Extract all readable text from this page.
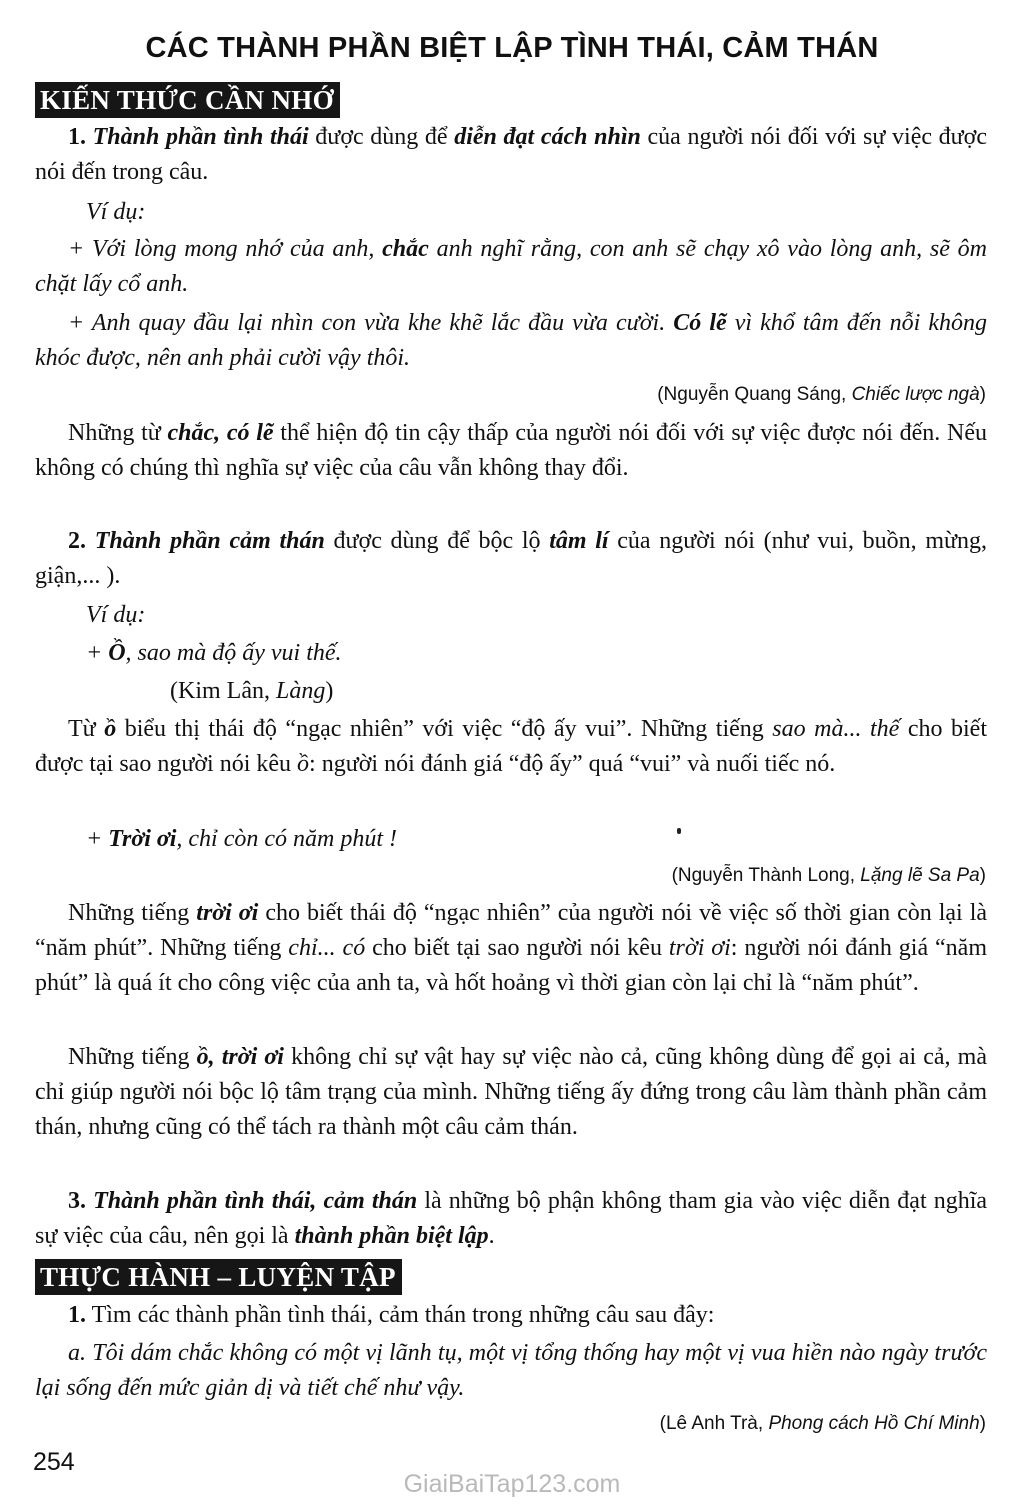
CÁC THÀNH PHẦN BIỆT LẬP TÌNH THÁI, CẢM THÁN
KIẾN THỨC CẦN NHỚ

1. Thành phần tình thái được dùng để diễn đạt cách nhìn của người nói đối với sự việc được nói đến trong câu.

Ví dụ:

+ Với lòng mong nhớ của anh, chắc anh nghĩ rằng, con anh sẽ chạy xô vào lòng anh, sẽ ôm chặt lấy cổ anh.

+ Anh quay đầu lại nhìn con vừa khe khẽ lắc đầu vừa cười. Có lẽ vì khổ tâm đến nỗi không khóc được, nên anh phải cười vậy thôi.

(Nguyễn Quang Sáng, Chiếc lược ngà)

Những từ chắc, có lẽ thể hiện độ tin cậy thấp của người nói đối với sự việc được nói đến. Nếu không có chúng thì nghĩa sự việc của câu vẫn không thay đổi.

2. Thành phần cảm thán được dùng để bộc lộ tâm lí của người nói (như vui, buồn, mừng, giận,... ).

Ví dụ:

+ Ồ, sao mà độ ấy vui thế.

(Kim Lân, Làng)

Từ ồ biểu thị thái độ “ngạc nhiên” với việc “độ ấy vui”. Những tiếng sao mà... thế cho biết được tại sao người nói kêu ồ: người nói đánh giá “độ ấy” quá “vui” và nuối tiếc nó.

+ Trời ơi, chỉ còn có năm phút !

(Nguyễn Thành Long, Lặng lẽ Sa Pa)

Những tiếng trời ơi cho biết thái độ “ngạc nhiên” của người nói về việc số thời gian còn lại là “năm phút”. Những tiếng chỉ... có cho biết tại sao người nói kêu trời ơi: người nói đánh giá “năm phút” là quá ít cho công việc của anh ta, và hốt hoảng vì thời gian còn lại chỉ là “năm phút”.

Những tiếng ồ, trời ơi không chỉ sự vật hay sự việc nào cả, cũng không dùng để gọi ai cả, mà chỉ giúp người nói bộc lộ tâm trạng của mình. Những tiếng ấy đứng trong câu làm thành phần cảm thán, nhưng cũng có thể tách ra thành một câu cảm thán.

3. Thành phần tình thái, cảm thán là những bộ phận không tham gia vào việc diễn đạt nghĩa sự việc của câu, nên gọi là thành phần biệt lập.

THỰC HÀNH – LUYỆN TẬP

1. Tìm các thành phần tình thái, cảm thán trong những câu sau đây:

a. Tôi dám chắc không có một vị lãnh tụ, một vị tổng thống hay một vị vua hiền nào ngày trước lại sống đến mức giản dị và tiết chế như vậy.

(Lê Anh Trà, Phong cách Hồ Chí Minh)

254

GiaiBaiTap123.com
